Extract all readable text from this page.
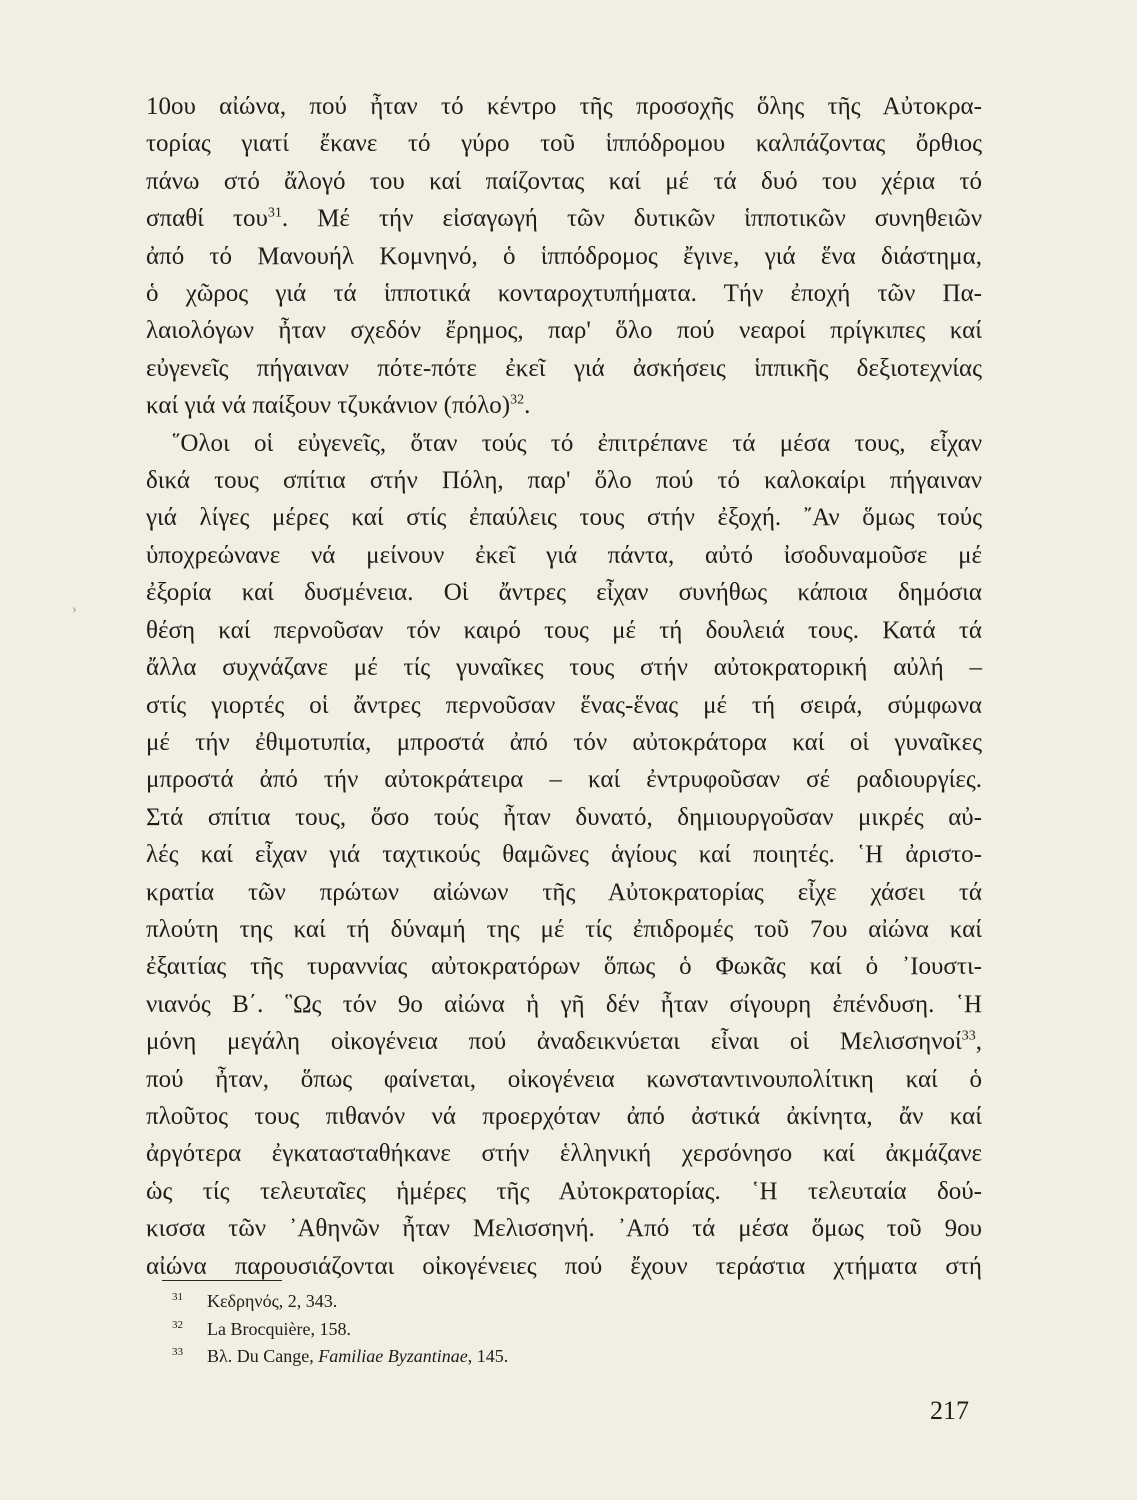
10ου αἰώνα, πού ἦταν τό κέντρο τῆς προσοχῆς ὅλης τῆς Αὐτοκρα-
τορίας γιατί ἔκανε τό γύρο τοῦ ἱππόδρομου καλπάζοντας ὄρθιος
πάνω στό ἄλογό του καί παίζοντας καί μέ τά δυό του χέρια τό
σπαθί του$^{31}$. Μέ τήν εἰσαγωγή τῶν δυτικῶν ἱπποτικῶν συνηθειῶν
ἀπό τό Μανουήλ Κομνηνό, ὁ ἱππόδρομος ἔγινε, γιά ἕνα διάστημα,
ὁ χῶρος γιά τά ἱπποτικά κονταροχτυπήματα. Τήν ἐποχή τῶν Πα-
λαιολόγων ἦταν σχεδόν ἔρημος, παρ' ὅλο πού νεαροί πρίγκιπες καί
εὐγενεῖς πήγαιναν πότε-πότε ἐκεῖ γιά ἀσκήσεις ἱππικῆς δεξιοτεχνίας
καί γιά νά παίξουν τζυκάνιον $(\pi ό\lambda o)^{32}$.
῞Ολοι οἱ εὐγενεῖς, ὅταν τούς τό ἐπιτρέπανε τά μέσα τους, εἶχαν
δικά τους σπίτια στήν Πόλη, παρ' ὅλο πού τό καλοκαίρι πήγαιναν
γιά λίγες μέρες καί στίς ἐπαύλεις τους στήν ἐξοχή. ῎Αν ὅμως τούς
ὑποχρεώνανε νά μείνουν ἐκεῖ γιά πάντα, αὐτό ἰσοδυναμοῦσε μέ
ἐξορία καί δυσμένεια. Οἱ ἄντρες εἶχαν συνήθως κάποια δημόσια
θέση καί περνοῦσαν τόν καιρό τους μέ τή δουλειά τους. Κατά τά
ἄλλα συχνάζανε μέ τίς γυναῖκες τους στήν αὐτοκρατορική αὐλή –
στίς γιορτές οἱ ἄντρες περνοῦσαν ἕνας-ἕνας μέ τή σειρά, σύμφωνα
μέ τήν ἐθιμοτυπία, μπροστά ἀπό τόν αὐτοκράτορα καί οἱ γυναῖκες
μπροστά ἀπό τήν αὐτοκράτειρα – καί ἐντρυφοῦσαν σέ ραδιουργίες.
Στά σπίτια τους, ὅσο τούς ἦταν δυνατό, δημιουργοῦσαν μικρές αὐ-
λές καί εἶχαν γιά ταχτικούς θαμῶνες ἁγίους καί ποιητές. ῾Η ἀριστο-
κρατία τῶν πρώτων αἰώνων τῆς Αὐτοκρατορίας εἶχε χάσει τά
πλούτη της καί τή δύναμή της μέ τίς ἐπιδρομές τοῦ 7ου αἰώνα καί
ἐξαιτίας τῆς τυραννίας αὐτοκρατόρων ὅπως ὁ Φωκᾶς καί ὁ ᾿Ιουστι-
νιανός Β΄. ῝Ως τόν 9ο αἰώνα ἡ γῆ δέν ἦταν σίγουρη ἐπένδυση. ῾Η
μόνη μεγάλη οἰκογένεια πού ἀναδεικνύεται εἶναι οἱ Μελισσηνοί$^{33}$,
πού ἦταν, ὅπως φαίνεται, οἰκογένεια κωνσταντινουπολίτικη καί ὁ
πλοῦτος τους πιθανόν νά προερχόταν ἀπό ἀστικά ἀκίνητα, ἄν καί
ἀργότερα ἐγκατασταθήκανε στήν ἑλληνική χερσόνησο καί ἀκμάζανε
ὡς τίς τελευταῖες ἡμέρες τῆς Αὐτοκρατορίας. ῾Η τελευταία δού-
κισσα τῶν ᾿Αθηνῶν ἦταν Μελισσηνή. ᾿Από τά μέσα ὅμως τοῦ 9ου
αἰώνα παρουσιάζονται οἰκογένειες πού ἔχουν τεράστια χτήματα στή
›
$^{31}$ Κεδρηνός, 2, 343.
$^{32}$ La Brocquière, 158.
$^{33}$ Βλ. Du Cange, Familiae Byzantinae, 145.
217
